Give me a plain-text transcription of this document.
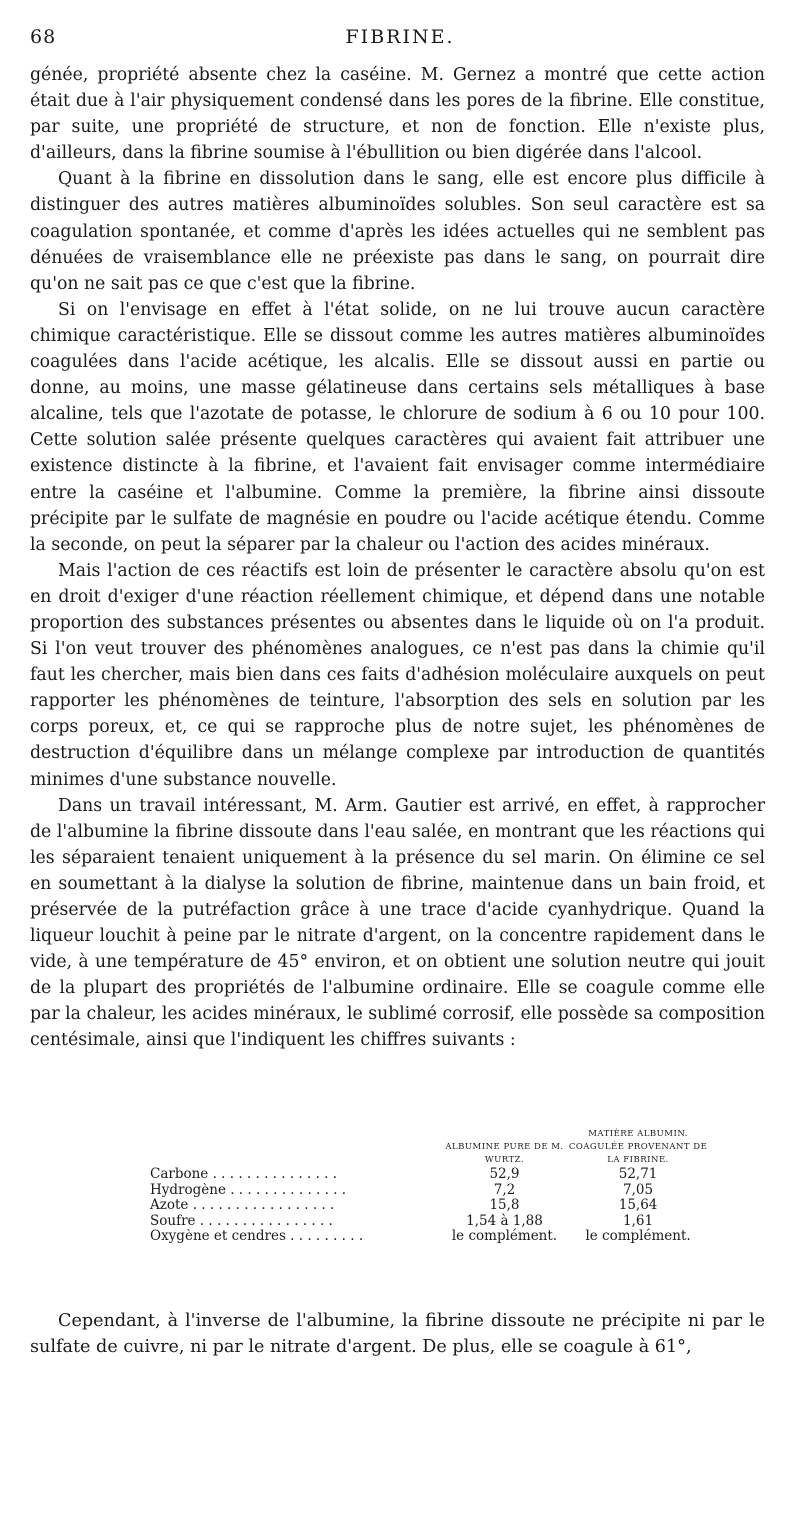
68	FIBRINE.

génée, propriété absente chez la caséine. M. Gernez a montré que cette action était due à l'air physiquement condensé dans les pores de la fibrine. Elle constitue, par suite, une propriété de structure, et non de fonction. Elle n'existe plus, d'ailleurs, dans la fibrine soumise à l'ébullition ou bien digérée dans l'alcool.

Quant à la fibrine en dissolution dans le sang, elle est encore plus difficile à distinguer des autres matières albuminoïdes solubles. Son seul caractère est sa coagulation spontanée, et comme d'après les idées actuelles qui ne semblent pas dénuées de vraisemblance elle ne préexiste pas dans le sang, on pourrait dire qu'on ne sait pas ce que c'est que la fibrine.

Si on l'envisage en effet à l'état solide, on ne lui trouve aucun caractère chimique caractéristique. Elle se dissout comme les autres matières albuminoïdes coagulées dans l'acide acétique, les alcalis. Elle se dissout aussi en partie ou donne, au moins, une masse gélatineuse dans certains sels métalliques à base alcaline, tels que l'azotate de potasse, le chlorure de sodium à 6 ou 10 pour 100. Cette solution salée présente quelques caractères qui avaient fait attribuer une existence distincte à la fibrine, et l'avaient fait envisager comme intermédiaire entre la caséine et l'albumine. Comme la première, la fibrine ainsi dissoute précipite par le sulfate de magnésie en poudre ou l'acide acétique étendu. Comme la seconde, on peut la séparer par la chaleur ou l'action des acides minéraux.

Mais l'action de ces réactifs est loin de présenter le caractère absolu qu'on est en droit d'exiger d'une réaction réellement chimique, et dépend dans une notable proportion des substances présentes ou absentes dans le liquide où on l'a produit. Si l'on veut trouver des phénomènes analogues, ce n'est pas dans la chimie qu'il faut les chercher, mais bien dans ces faits d'adhésion moléculaire auxquels on peut rapporter les phénomènes de teinture, l'absorption des sels en solution par les corps poreux, et, ce qui se rapproche plus de notre sujet, les phénomènes de destruction d'équilibre dans un mélange complexe par introduction de quantités minimes d'une substance nouvelle.

Dans un travail intéressant, M. Arm. Gautier est arrivé, en effet, à rapprocher de l'albumine la fibrine dissoute dans l'eau salée, en montrant que les réactions qui les séparaient tenaient uniquement à la présence du sel marin. On élimine ce sel en soumettant à la dialyse la solution de fibrine, maintenue dans un bain froid, et préservée de la putréfaction grâce à une trace d'acide cyanhydrique. Quand la liqueur louchit à peine par le nitrate d'argent, on la concentre rapidement dans le vide, à une température de 45° environ, et on obtient une solution neutre qui jouit de la plupart des propriétés de l'albumine ordinaire. Elle se coagule comme elle par la chaleur, les acides minéraux, le sublimé corrosif, elle possède sa composition centésimale, ainsi que l'indiquent les chiffres suivants :

	ALBUMINE PURE DE M. WURTZ.	MATIÈRE ALBUMIN. COAGULÉE PROVENANT DE LA FIBRINE.
Carbone . . . . . . . . . . . . . . .	52,9	52,71
Hydrogène . . . . . . . . . . . . . .	7,2	7,05
Azote . . . . . . . . . . . . . . . . .	15,8	15,64
Soufre . . . . . . . . . . . . . . . .	1,54 à 1,88	1,61
Oxygène et cendres . . . . . . . . .	le complément.	le complément.

Cependant, à l'inverse de l'albumine, la fibrine dissoute ne précipite ni par le sulfate de cuivre, ni par le nitrate d'argent. De plus, elle se coagule à 61°,
